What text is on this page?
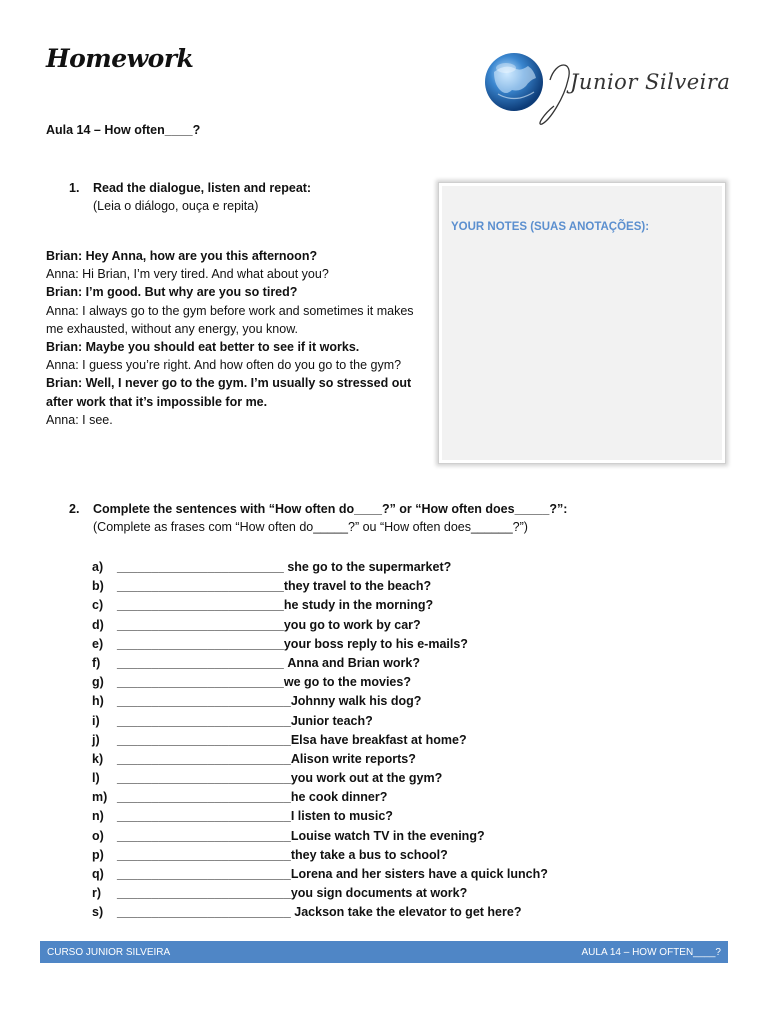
Homework
Junior Silveira
Aula 14 – How often____?
1.	Read the dialogue, listen and repeat:
(Leia o diálogo, ouça e repita)
Brian: Hey Anna, how are you this afternoon?
Anna: Hi Brian, I’m very tired. And what about you?
Brian: I’m good. But why are you so tired?
Anna: I always go to the gym before work and sometimes it makes me exhausted, without any energy, you know.
Brian: Maybe you should eat better to see if it works.
Anna: I guess you’re right. And how often do you go to the gym?
Brian: Well, I never go to the gym. I’m usually so stressed out after work that it’s impossible for me.
Anna: I see.
YOUR NOTES (SUAS ANOTAÇÕES):
2.	Complete the sentences with “How often do____?” or “How often does_____?”:
(Complete as frases com “How often do_____?” ou “How often does______?”)
a)	________________________ she go to the supermarket?
b)	________________________ they travel to the beach?
c)	________________________ he study in the morning?
d)	________________________ you go to work by car?
e)	________________________ your boss reply to his e-mails?
f)	________________________ Anna and Brian work?
g)	________________________ we go to the movies?
h)	_________________________ Johnny walk his dog?
i)	_________________________ Junior teach?
j)	_________________________ Elsa have breakfast at home?
k)	_________________________ Alison write reports?
l)	_________________________ you work out at the gym?
m) _________________________ he cook dinner?
n)	_________________________ I listen to music?
o)	_________________________ Louise watch TV in the evening?
p)	_________________________ they take a bus to school?
q)	_________________________ Lorena and her sisters have a quick lunch?
r)	_________________________ you sign documents at work?
s)	_________________________ Jackson take the elevator to get here?
CURSO JUNIOR SILVEIRA	AULA 14 – HOW OFTEN____?
